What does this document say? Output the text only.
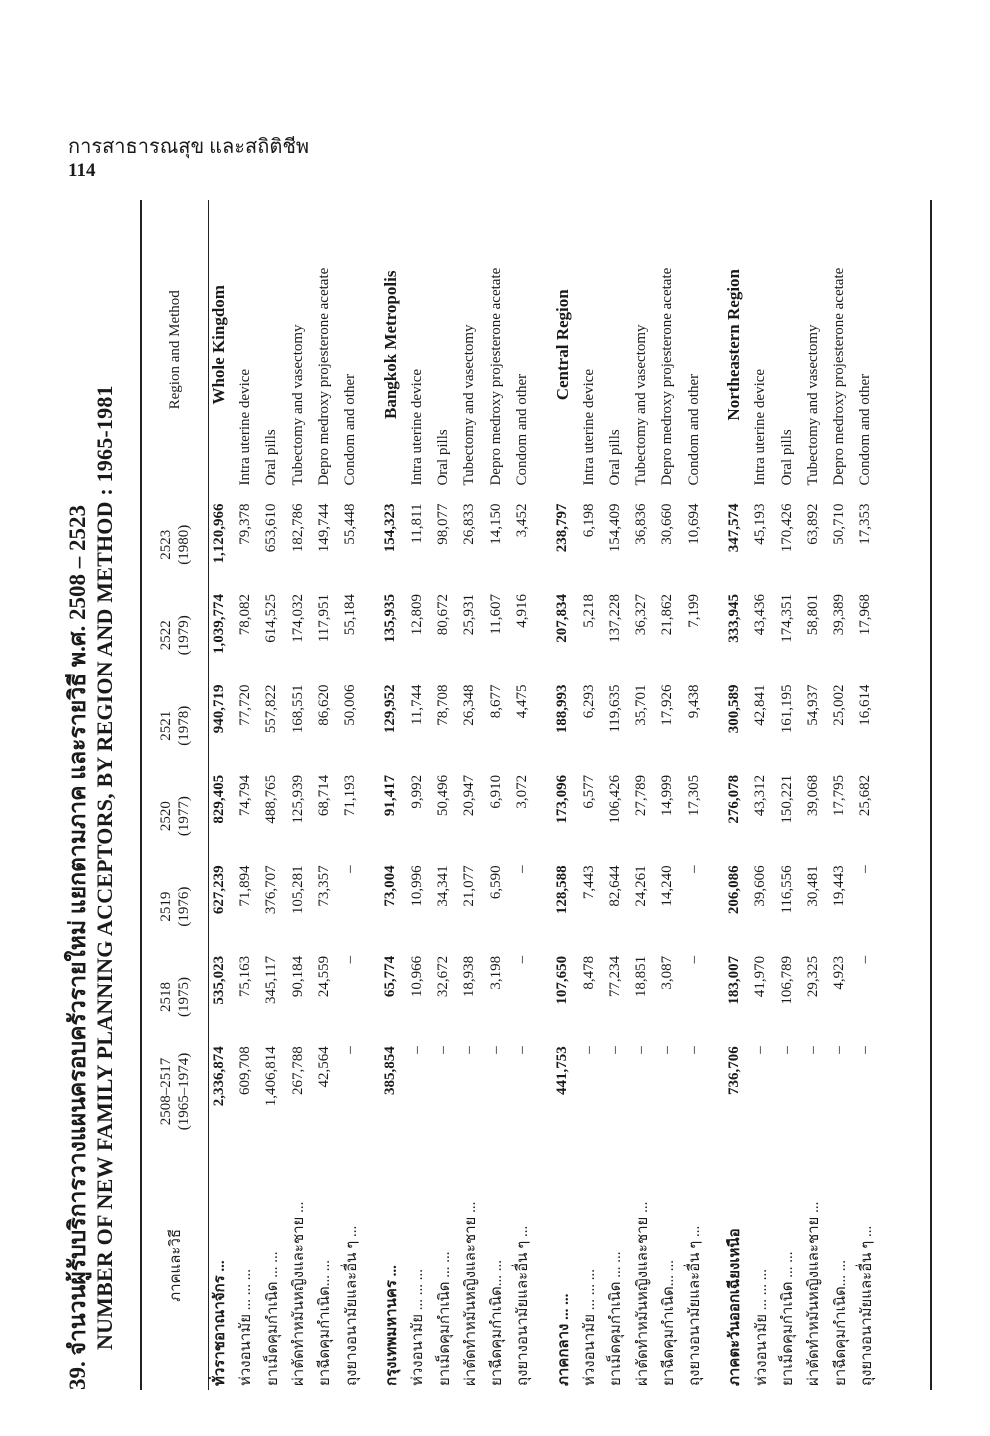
การสาธารณสุข และสถิติชีพ
114
39. จำนวนผู้รับบริการวางแผนครอบครัวรายใหม่ แยกตามภาค และรายวิธี พ.ศ. 2508 – 2523 NUMBER OF NEW FAMILY PLANNING ACCEPTORS, BY REGION AND METHOD : 1965-1981	ภาคและวิธี	2508–2517 (1965–1974)	2518 (1975)	2519 (1976)	2520 (1977)	2521 (1978)	2522 (1979)	2523 (1980)	Region and Method
ทั่วราชอาณาจักร ...	2,336,874	535,023	627,239	829,405	940,719	1,039,774	1,120,966	Whole Kingdom
ห่วงอนามัย ... ... ...	609,708	75,163	71,894	74,794	77,720	78,082	79,378	Intra uterine device
ยาเม็ดคุมกำเนิด ... ...	1,406,814	345,117	376,707	488,765	557,822	614,525	653,610	Oral pills
ผ่าตัดทำหมันหญิงและชาย ...	267,788	90,184	105,281	125,939	168,551	174,032	182,786	Tubectomy and vasectomy
ยาฉีดคุมกำเนิด... ...	42,564	24,559	73,357	68,714	86,620	117,951	149,744	Depro medroxy projesterone acetate
ถุงยางอนามัยและอื่น ๆ ...	–	–	–	71,193	50,006	55,184	55,448	Condom and other

กรุงเทพมหานคร ...	385,854	65,774	73,004	91,417	129,952	135,935	154,323	Bangkok Metropolis
ห่วงอนามัย ... ... ...	–	10,966	10,996	9,992	11,744	12,809	11,811	Intra uterine device
ยาเม็ดคุมกำเนิด ... ...	–	32,672	34,341	50,496	78,708	80,672	98,077	Oral pills
ผ่าตัดทำหมันหญิงและชาย ...	–	18,938	21,077	20,947	26,348	25,931	26,833	Tubectomy and vasectomy
ยาฉีดคุมกำเนิด... ...	–	3,198	6,590	6,910	8,677	11,607	14,150	Depro medroxy projesterone acetate
ถุงยางอนามัยและอื่น ๆ ...	–	–	–	3,072	4,475	4,916	3,452	Condom and other

ภาคกลาง ... ...	441,753	107,650	128,588	173,096	188,993	207,834	238,797	Central Region
ห่วงอนามัย ... ... ...	–	8,478	7,443	6,577	6,293	5,218	6,198	Intra uterine device
ยาเม็ดคุมกำเนิด ... ...	–	77,234	82,644	106,426	119,635	137,228	154,409	Oral pills
ผ่าตัดทำหมันหญิงและชาย ...	–	18,851	24,261	27,789	35,701	36,327	36,836	Tubectomy and vasectomy
ยาฉีดคุมกำเนิด... ...	–	3,087	14,240	14,999	17,926	21,862	30,660	Depro medroxy projesterone acetate
ถุงยางอนามัยและอื่น ๆ ...	–	–	–	17,305	9,438	7,199	10,694	Condom and other

ภาคตะวันออกเฉียงเหนือ	736,706	183,007	206,086	276,078	300,589	333,945	347,574	Northeastern Region
ห่วงอนามัย ... ... ...	–	41,970	39,606	43,312	42,841	43,436	45,193	Intra uterine device
ยาเม็ดคุมกำเนิด ... ...	–	106,789	116,556	150,221	161,195	174,351	170,426	Oral pills
ผ่าตัดทำหมันหญิงและชาย ...	–	29,325	30,481	39,068	54,937	58,801	63,892	Tubectomy and vasectomy
ยาฉีดคุมกำเนิด... ...	–	4,923	19,443	17,795	25,002	39,389	50,710	Depro medroxy projesterone acetate
ถุงยางอนามัยและอื่น ๆ ...	–	–	–	25,682	16,614	17,968	17,353	Condom and other
